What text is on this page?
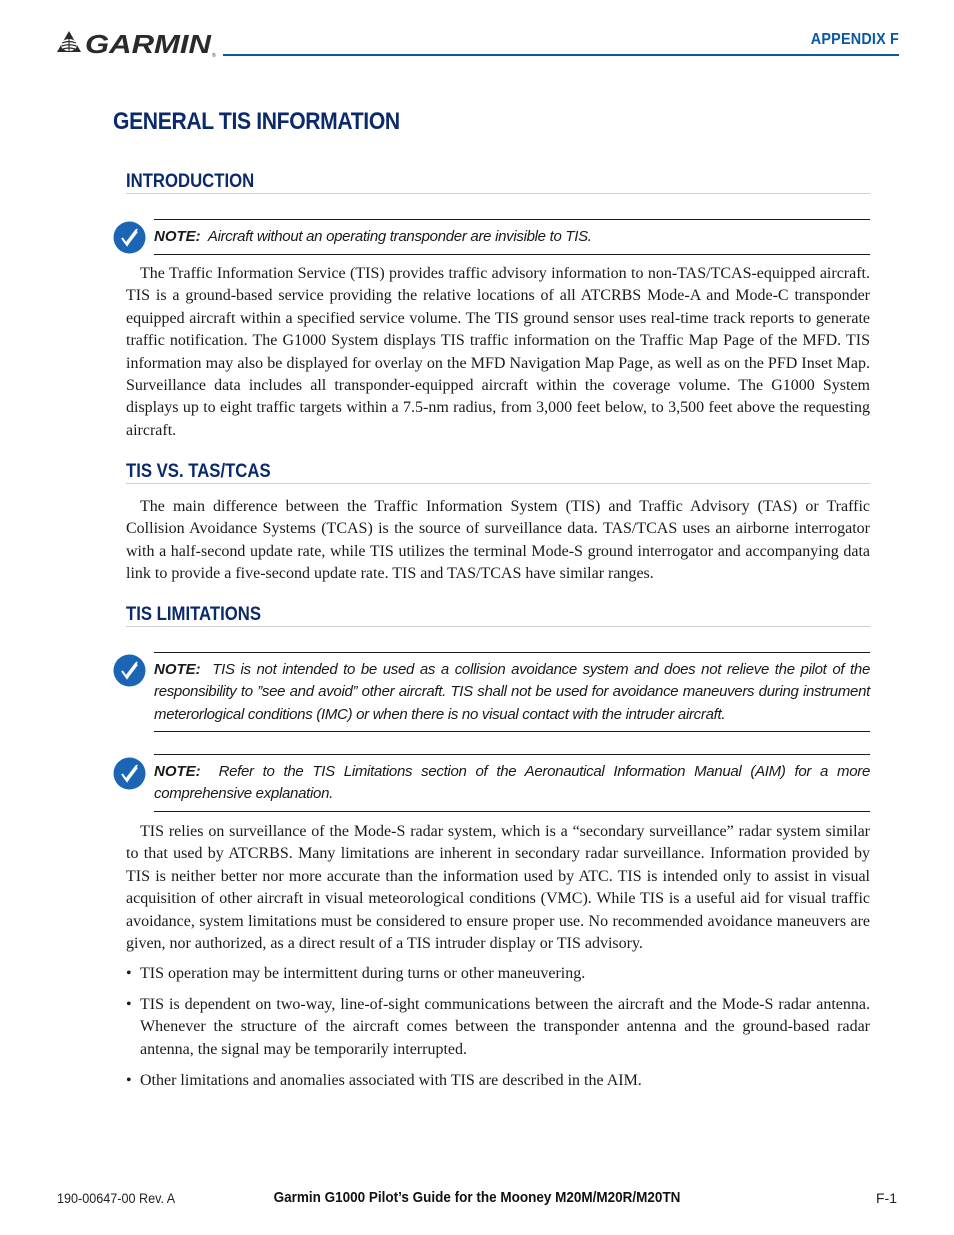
GARMIN ®
APPENDIX F
GENERAL TIS INFORMATION
INTRODUCTION
NOTE: Aircraft without an operating transponder are invisible to TIS.

The Traffic Information Service (TIS) provides traffic advisory information to non-TAS/TCAS-equipped aircraft. TIS is a ground-based service providing the relative locations of all ATCRBS Mode-A and Mode-C transponder equipped aircraft within a specified service volume. The TIS ground sensor uses real-time track reports to generate traffic notification. The G1000 System displays TIS traffic information on the Traffic Map Page of the MFD. TIS information may also be displayed for overlay on the MFD Navigation Map Page, as well as on the PFD Inset Map. Surveillance data includes all transponder-equipped aircraft within the coverage volume. The G1000 System displays up to eight traffic targets within a 7.5-nm radius, from 3,000 feet below, to 3,500 feet above the requesting aircraft.

TIS VS. TAS/TCAS

The main difference between the Traffic Information System (TIS) and Traffic Advisory (TAS) or Traffic Collision Avoidance Systems (TCAS) is the source of surveillance data. TAS/TCAS uses an airborne interrogator with a half-second update rate, while TIS utilizes the terminal Mode-S ground interrogator and accompanying data link to provide a five-second update rate. TIS and TAS/TCAS have similar ranges.

TIS LIMITATIONS
NOTE: TIS is not intended to be used as a collision avoidance system and does not relieve the pilot of the responsibility to ”see and avoid” other aircraft. TIS shall not be used for avoidance maneuvers during instrument meterorlogical conditions (IMC) or when there is no visual contact with the intruder aircraft.
NOTE: Refer to the TIS Limitations section of the Aeronautical Information Manual (AIM) for a more comprehensive explanation.

TIS relies on surveillance of the Mode-S radar system, which is a “secondary surveillance” radar system similar to that used by ATCRBS. Many limitations are inherent in secondary radar surveillance. Information provided by TIS is neither better nor more accurate than the information used by ATC. TIS is intended only to assist in visual acquisition of other aircraft in visual meteorological conditions (VMC). While TIS is a useful aid for visual traffic avoidance, system limitations must be considered to ensure proper use. No recommended avoidance maneuvers are given, nor authorized, as a direct result of a TIS intruder display or TIS advisory.

• TIS operation may be intermittent during turns or other maneuvering.
• TIS is dependent on two-way, line-of-sight communications between the aircraft and the Mode-S radar antenna. Whenever the structure of the aircraft comes between the transponder antenna and the ground-based radar antenna, the signal may be temporarily interrupted.
• Other limitations and anomalies associated with TIS are described in the AIM.
190-00647-00 Rev. A	Garmin G1000 Pilot’s Guide for the Mooney M20M/M20R/M20TN	F-1
